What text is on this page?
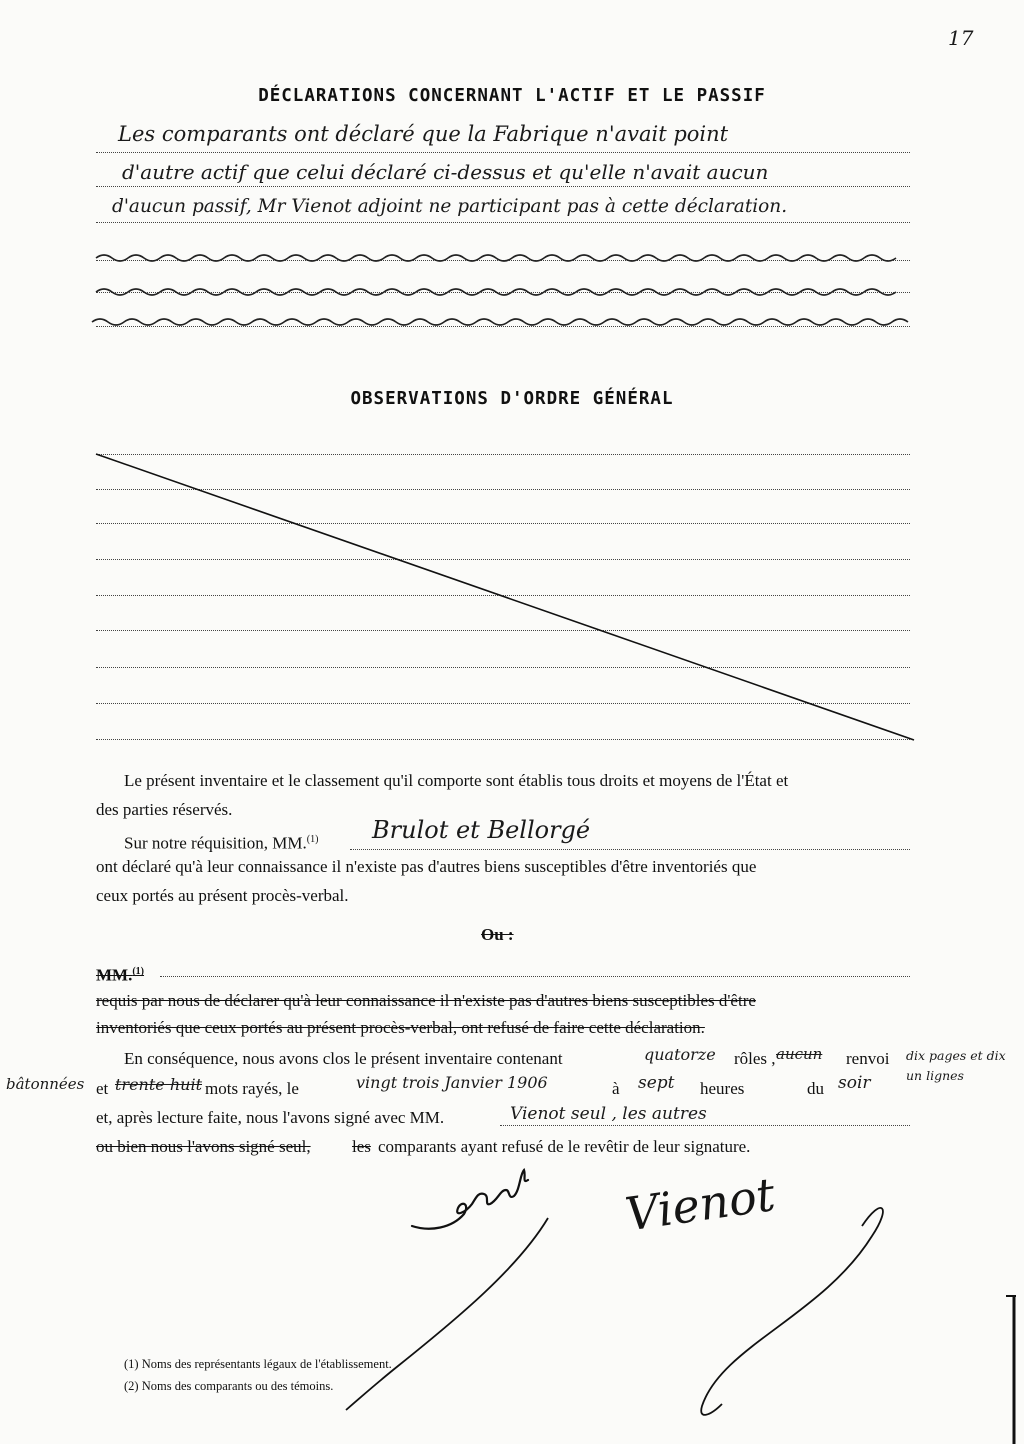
17
DÉCLARATIONS CONCERNANT L'ACTIF ET LE PASSIF
Les comparants ont déclaré que la Fabrique n'avait point
d'autre actif que celui déclaré ci-dessus et qu'elle n'avait aucun
d'aucun passif, Mr Vienot adjoint ne participant pas à cette déclaration.
OBSERVATIONS D'ORDRE GÉNÉRAL
Le présent inventaire et le classement qu'il comporte sont établis tous droits et moyens de l'État et
des parties réservés.
Sur notre réquisition, MM.$^{(1)}$ Brulot et Bellorgé
ont déclaré qu'à leur connaissance il n'existe pas d'autres biens susceptibles d'être inventoriés que
ceux portés au présent procès-verbal.
Ou :
MM.$^{(1)}$
requis par nous de déclarer qu'à leur connaissance il n'existe pas d'autres biens susceptibles d'être
inventoriés que ceux portés au présent procès-verbal, ont refusé de faire cette déclaration.
En conséquence, nous avons clos le présent inventaire contenant	quatorze rôles , aucun renvoi dix pages et dix un lignes
bâtonnées et trente huit mots rayés, le	vingt trois Janvier 1906	à sept heures	du soir
et, après lecture faite, nous l'avons signé avec MM.	Vienot seul , les autres
ou bien nous l'avons signé seul, les comparants ayant refusé de le revêtir de leur signature.
(1) Noms des représentants légaux de l'établissement.
(2) Noms des comparants ou des témoins.
Vienot
